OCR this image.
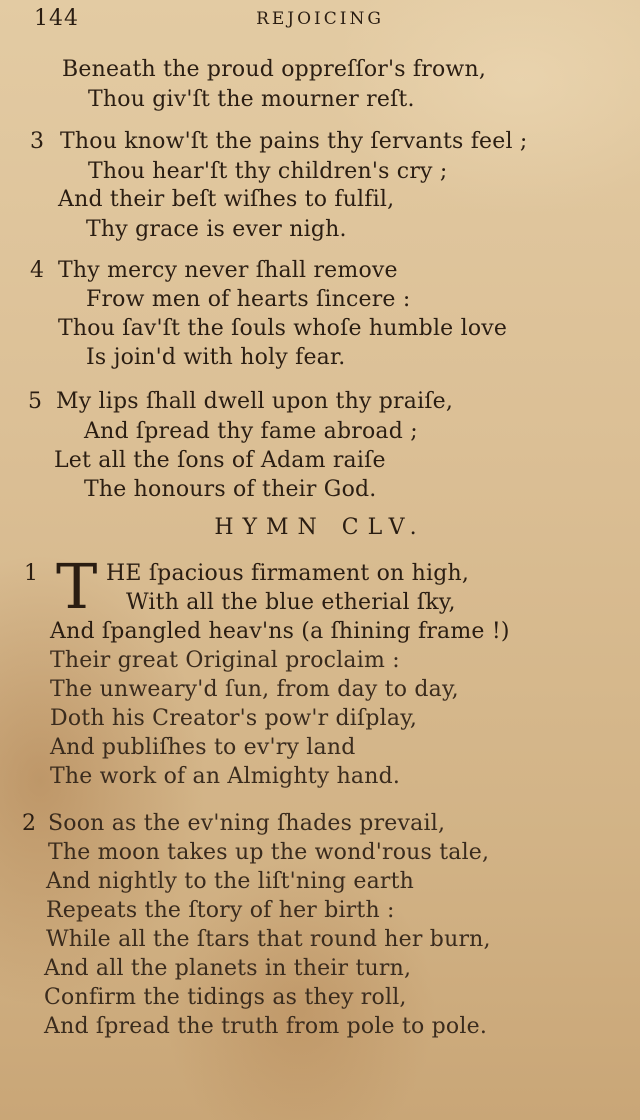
144	REJOICING
Beneath the proud oppreſſor's frown,
Thou giv'ſt the mourner reſt.
3 Thou know'ſt the pains thy ſervants feel ;
Thou hear'ſt thy children's cry ;
And their beſt wiſhes to fulfil,
Thy grace is ever nigh.
4 Thy mercy never ſhall remove
Frow men of hearts ſincere :
Thou ſav'ſt the ſouls whoſe humble love
Is join'd with holy fear.
5 My lips ſhall dwell upon thy praiſe,
And ſpread thy fame abroad ;
Let all the ſons of Adam raiſe
The honours of their God.
HYMN CLV.
1 T HE ſpacious firmament on high,
With all the blue etherial ſky,
And ſpangled heav'ns (a ſhining frame !)
Their great Original proclaim :
The unweary'd ſun, from day to day,
Doth his Creator's pow'r diſplay,
And publiſhes to ev'ry land
The work of an Almighty hand.
2 Soon as the ev'ning ſhades prevail,
The moon takes up the wond'rous tale,
And nightly to the liſt'ning earth
Repeats the ſtory of her birth :
While all the ſtars that round her burn,
And all the planets in their turn,
Confirm the tidings as they roll,
And ſpread the truth from pole to pole.
